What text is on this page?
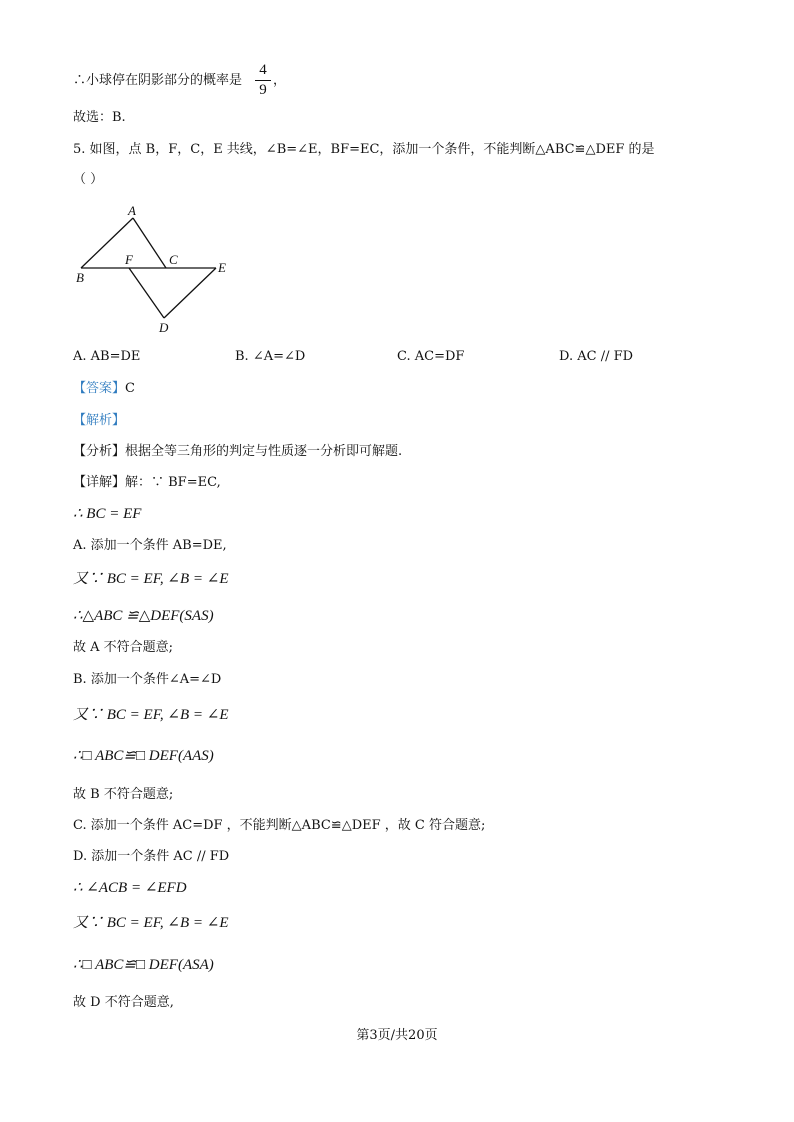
∴小球停在阴影部分的概率是
4
9
，
故选：B.
5. 如图，点 B，F，C，E 共线，∠B=∠E，BF=EC，添加一个条件，不能判断△ABC≌△DEF 的是
（ ）
A
B
F	C
E
D
A. AB=DE	B. ∠A=∠D	C. AC=DF	D. AC // FD
【答案】C
【解析】
【分析】根据全等三角形的判定与性质逐一分析即可解题.
【详解】解：∵ BF=EC,
∴ BC = EF
A. 添加一个条件 AB=DE,
又∵ BC = EF, ∠B = ∠E
∴△ABC ≌△DEF(SAS)
故 A 不符合题意;
B. 添加一个条件∠A=∠D
又∵ BC = EF, ∠B = ∠E
∴□ ABC≌□ DEF(AAS)
故 B 不符合题意;
C. 添加一个条件 AC=DF ，不能判断△ABC≌△DEF ，故 C 符合题意;
D. 添加一个条件 AC // FD
∴ ∠ACB = ∠EFD
又∵ BC = EF, ∠B = ∠E
∴□ ABC≌□ DEF(ASA)
故 D 不符合题意,
第3页/共20页
